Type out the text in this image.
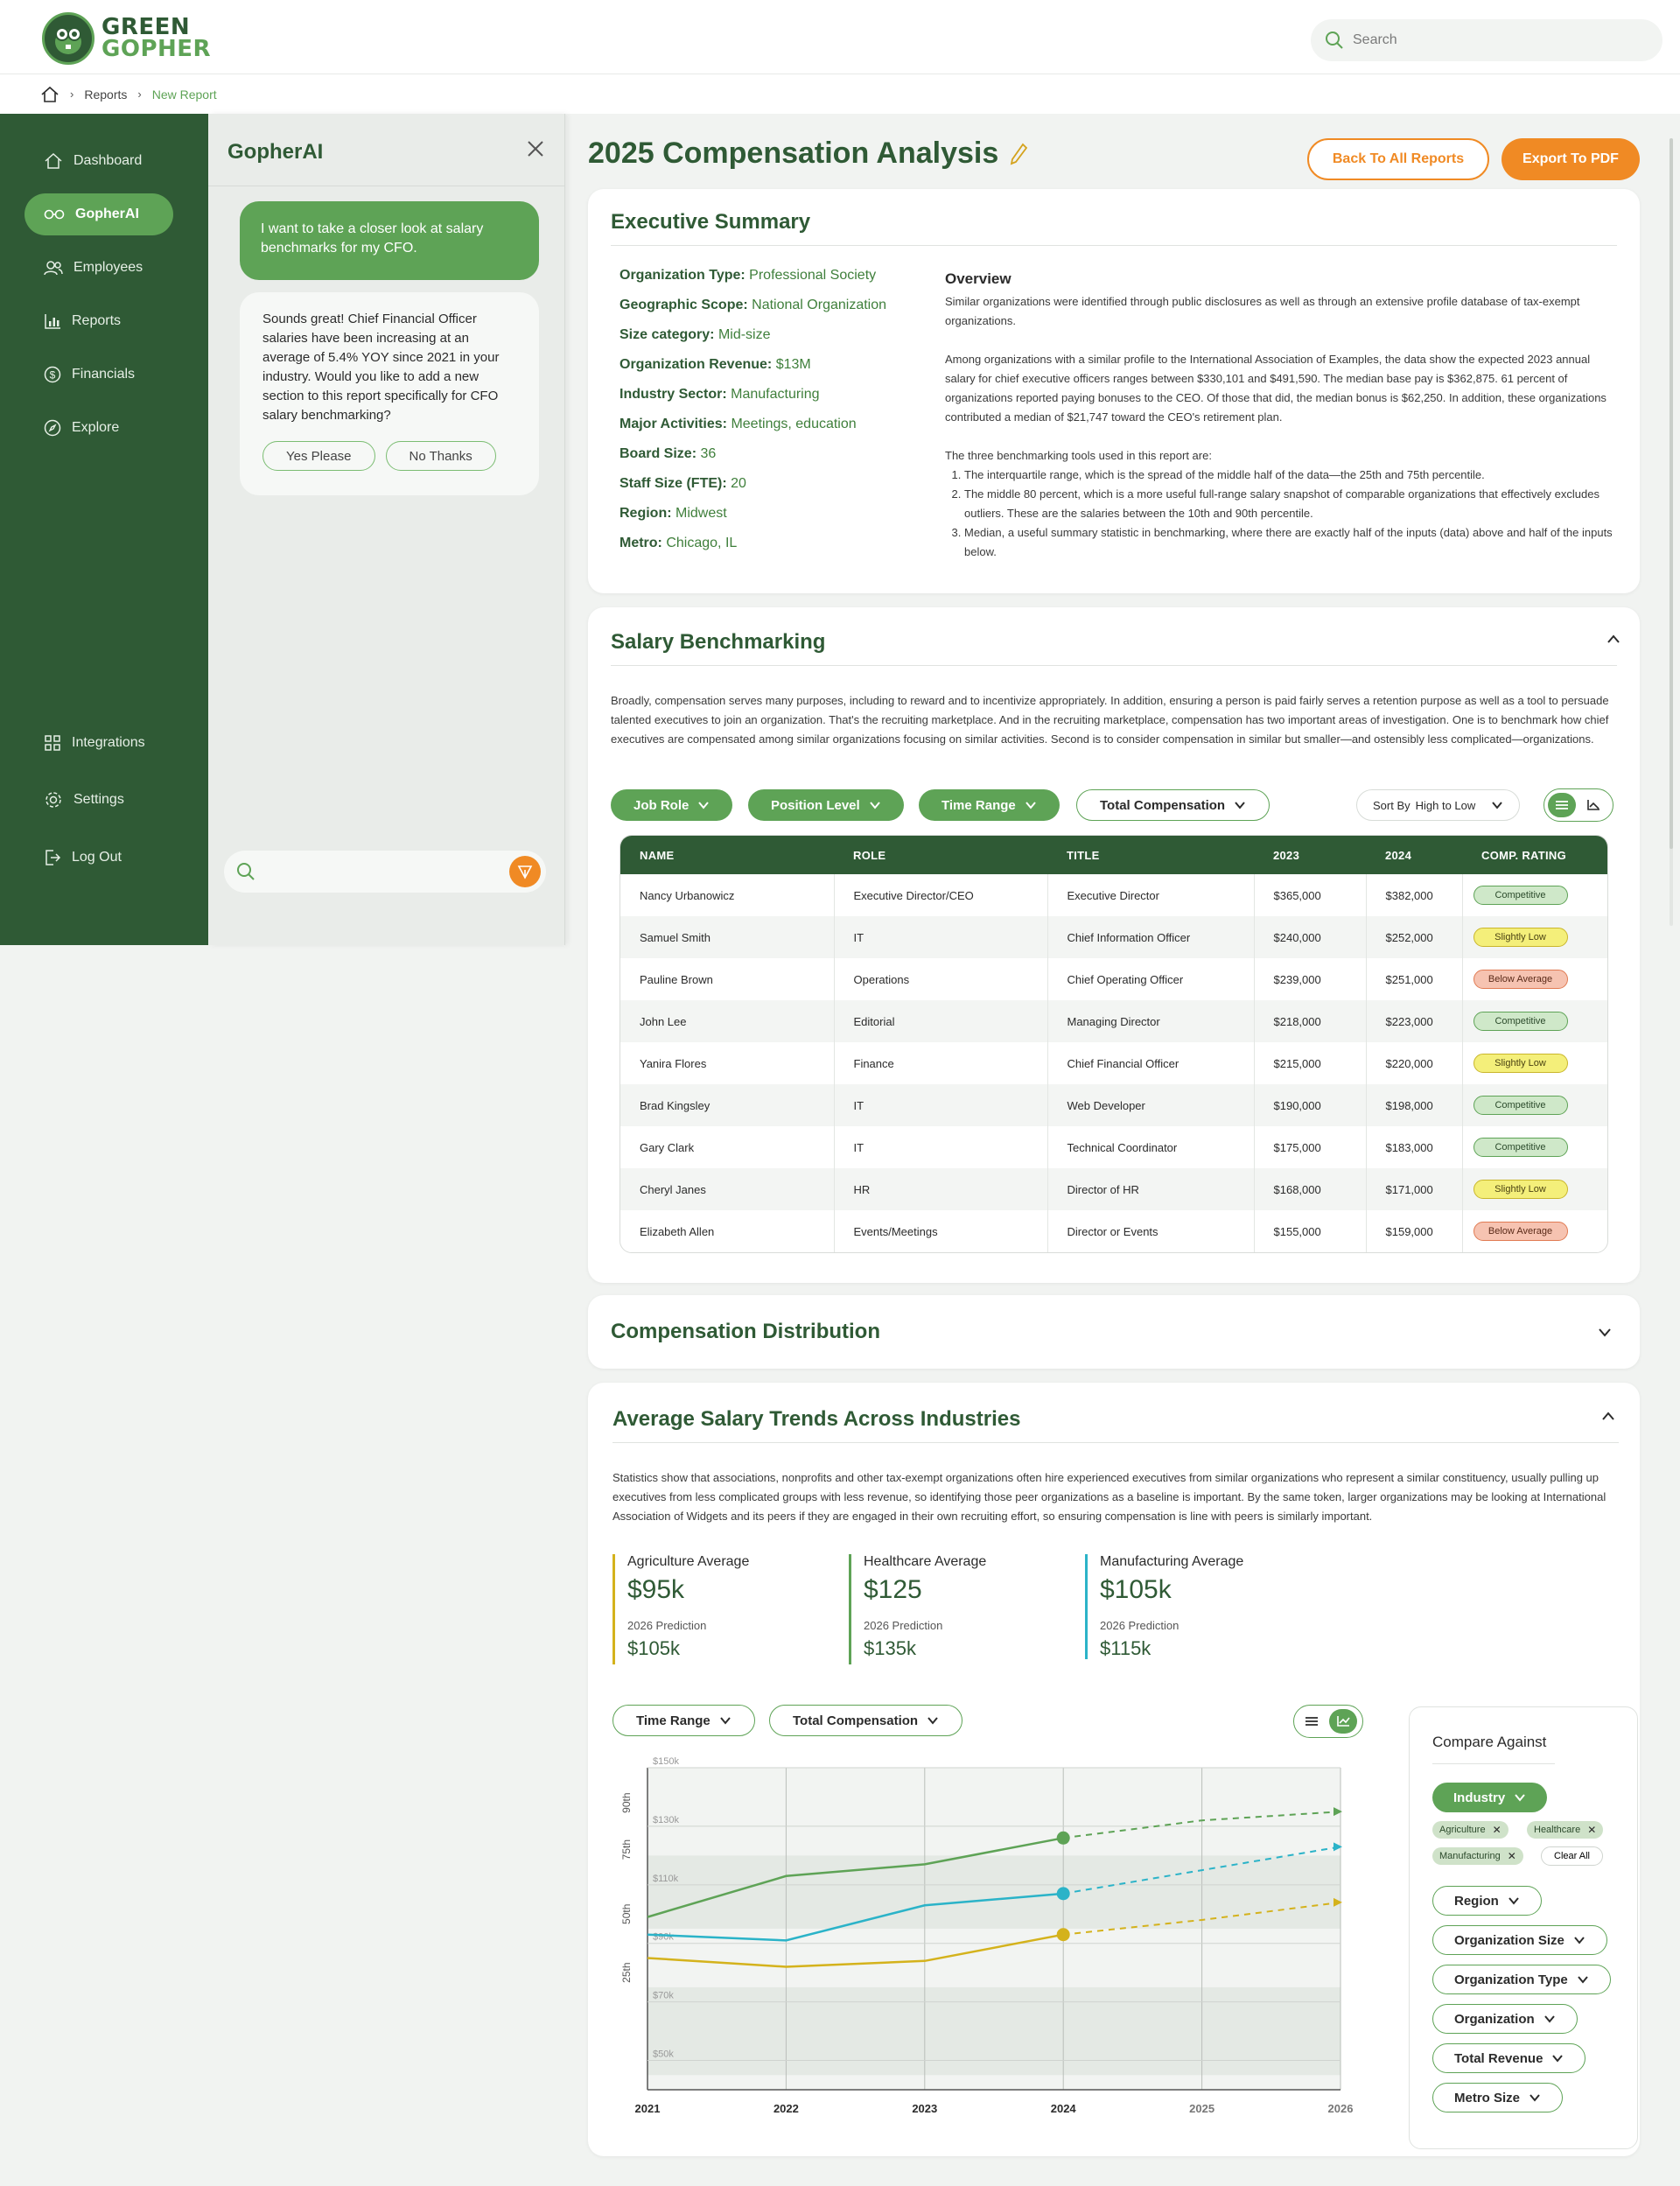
GREEN
GOPHER
Search
› Reports › New Report
Dashboard
GopherAI
Employees
Reports
$ Financials
Explore
Integrations
Settings
Log Out
GopherAI
I want to take a closer look at salary benchmarks for my CFO.
Sounds great! Chief Financial Officer salaries have been increasing at an average of 5.4% YOY since 2021 in your industry. Would you like to add a new section to this report specifically for CFO salary benchmarking?
Yes Please	No Thanks
2025 Compensation Analysis	Back To All Reports	Export To PDF
Executive Summary
Organization Type: Professional Society
Geographic Scope: National Organization
Size category: Mid-size
Organization Revenue: $13M
Industry Sector: Manufacturing
Major Activities: Meetings, education
Board Size: 36
Staff Size (FTE): 20
Region: Midwest
Metro: Chicago, IL
Overview

Similar organizations were identified through public disclosures as well as through an extensive profile database of tax-exempt organizations.

Among organizations with a similar profile to the International Association of Examples, the data show the expected 2023 annual salary for chief executive officers ranges between $330,101 and $491,590. The median base pay is $362,875. 61 percent of organizations reported paying bonuses to the CEO. Of those that did, the median bonus is $62,250. In addition, these organizations contributed a median of $21,747 toward the CEO's retirement plan.

The three benchmarking tools used in this report are:
1. The interquartile range, which is the spread of the middle half of the data—the 25th and 75th percentile.
2. The middle 80 percent, which is a more useful full-range salary snapshot of comparable organizations that effectively excludes outliers. These are the salaries between the 10th and 90th percentile.
3. Median, a useful summary statistic in benchmarking, where there are exactly half of the inputs (data) above and half of the inputs below.
Salary Benchmarking
Broadly, compensation serves many purposes, including to reward and to incentivize appropriately. In addition, ensuring a person is paid fairly serves a retention purpose as well as a tool to persuade talented executives to join an organization. That's the recruiting marketplace. And in the recruiting marketplace, compensation has two important areas of investigation. One is to benchmark how chief executives are compensated among similar organizations focusing on similar activities. Second is to consider compensation in similar but smaller—and ostensibly less complicated—organizations.
Job Role	Position Level	Time Range	Total Compensation	Sort By High to Low
NAME	ROLE	TITLE	2023	2024	COMP. RATING
Nancy Urbanowicz	Executive Director/CEO	Executive Director	$365,000	$382,000	Competitive
Samuel Smith	IT	Chief Information Officer	$240,000	$252,000	Slightly Low
Pauline Brown	Operations	Chief Operating Officer	$239,000	$251,000	Below Average
John Lee	Editorial	Managing Director	$218,000	$223,000	Competitive
Yanira Flores	Finance	Chief Financial Officer	$215,000	$220,000	Slightly Low
Brad Kingsley	IT	Web Developer	$190,000	$198,000	Competitive
Gary Clark	IT	Technical Coordinator	$175,000	$183,000	Competitive
Cheryl Janes	HR	Director of HR	$168,000	$171,000	Slightly Low
Elizabeth Allen	Events/Meetings	Director or Events	$155,000	$159,000	Below Average
Compensation Distribution
Average Salary Trends Across Industries
Statistics show that associations, nonprofits and other tax-exempt organizations often hire experienced executives from similar organizations who represent a similar constituency, usually pulling up executives from less complicated groups with less revenue, so identifying those peer organizations as a baseline is important. By the same token, larger organizations may be looking at International Association of Widgets and its peers if they are engaged in their own recruiting effort, so ensuring compensation is line with peers is similarly important.
Agriculture Average
$95k
2026 Prediction
$105k
Healthcare Average
$125
2026 Prediction
$135k
Manufacturing Average
$105k
2026 Prediction
$115k
Time Range	Total Compensation
$50k
$70k
$90k
$110k
$130k
$150k
25th
50th
75th
90th
2021	2022	2023	2024	2025	2026
Compare Against
Industry
Agriculture ✕	Healthcare ✕
Manufacturing ✕	Clear All
Region
Organization Size
Organization Type
Organization
Total Revenue
Metro Size
